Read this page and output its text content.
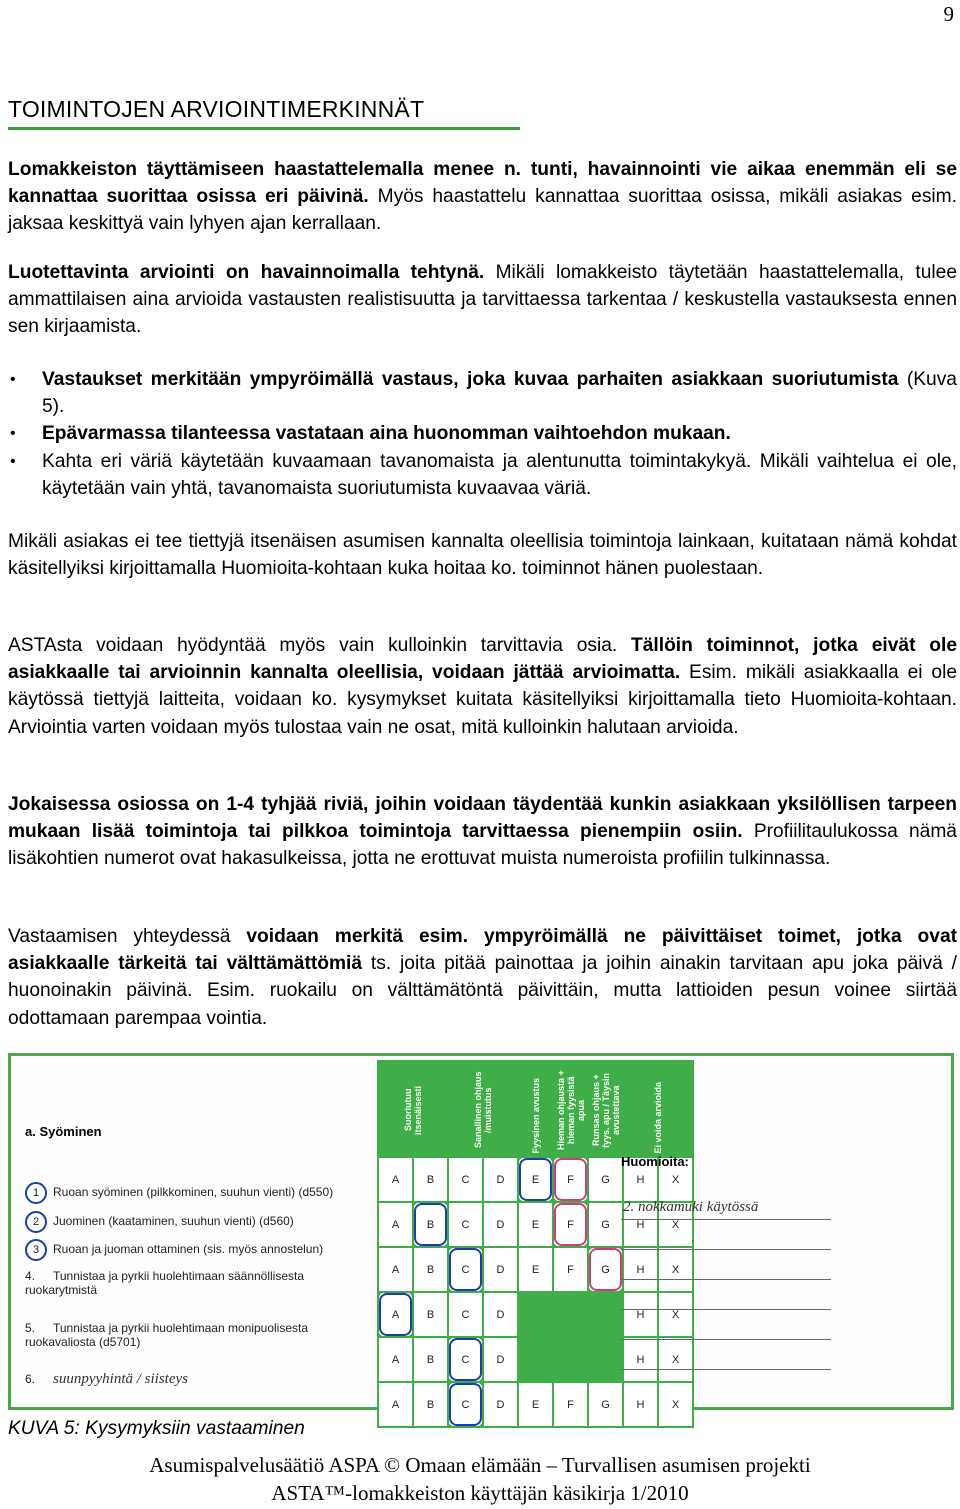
9
TOIMINTOJEN ARVIOINTIMERKINNÄT

Lomakkeiston täyttämiseen haastattelemalla menee n. tunti, havainnointi vie aikaa enemmän eli se kannattaa suorittaa osissa eri päivinä. Myös haastattelu kannattaa suorittaa osissa, mikäli asiakas esim. jaksaa keskittyä vain lyhyen ajan kerrallaan.

Luotettavinta arviointi on havainnoimalla tehtynä. Mikäli lomakkeisto täytetään haastattelemalla, tulee ammattilaisen aina arvioida vastausten realistisuutta ja tarvittaessa tarkentaa / keskustella vastauksesta ennen sen kirjaamista.

• Vastaukset merkitään ympyröimällä vastaus, joka kuvaa parhaiten asiakkaan suoriutumista (Kuva 5).
• Epävarmassa tilanteessa vastataan aina huonomman vaihtoehdon mukaan.
• Kahta eri väriä käytetään kuvaamaan tavanomaista ja alentunutta toimintakykyä. Mikäli vaihtelua ei ole, käytetään vain yhtä, tavanomaista suoriutumista kuvaavaa väriä.

Mikäli asiakas ei tee tiettyjä itsenäisen asumisen kannalta oleellisia toimintoja lainkaan, kuitataan nämä kohdat käsitellyiksi kirjoittamalla Huomioita-kohtaan kuka hoitaa ko. toiminnot hänen puolestaan.

ASTAsta voidaan hyödyntää myös vain kulloinkin tarvittavia osia. Tällöin toiminnot, jotka eivät ole asiakkaalle tai arvioinnin kannalta oleellisia, voidaan jättää arvioimatta. Esim. mikäli asiakkaalla ei ole käytössä tiettyjä laitteita, voidaan ko. kysymykset kuitata käsitellyiksi kirjoittamalla tieto Huomioita-kohtaan. Arviointia varten voidaan myös tulostaa vain ne osat, mitä kulloinkin halutaan arvioida.

Jokaisessa osiossa on 1-4 tyhjää riviä, joihin voidaan täydentää kunkin asiakkaan yksilöllisen tarpeen mukaan lisää toimintoja tai pilkkoa toimintoja tarvittaessa pienempiin osiin. Profiilitaulukossa nämä lisäkohtien numerot ovat hakasulkeissa, jotta ne erottuvat muista numeroista profiilin tulkinnassa.

Vastaamisen yhteydessä voidaan merkitä esim. ympyröimällä ne päivittäiset toimet, jotka ovat asiakkaalle tärkeitä tai välttämättömiä ts. joita pitää painottaa ja joihin ainakin tarvitaan apu joka päivä / huonoinakin päivinä. Esim. ruokailu on välttämätöntä päivittäin, mutta lattioiden pesun voinee siirtää odottamaan parempaa vointia.

a. Syöminen
1 Ruoan syöminen (pilkkominen, suuhun vienti) (d550)
2 Juominen (kaataminen, suuhun vienti) (d560)
3 Ruoan ja juoman ottaminen (sis. myös annostelun)
4. Tunnistaa ja pyrkii huolehtimaan säännöllisesta ruokarytmistä
5. Tunnistaa ja pyrkii huolehtimaan monipuolisesta ruokavaliosta (d5701)
6. suunpyyhintä / siisteys
Suoriutuu itsenäisesti		Sanallinen ohjaus /muistutus		Fyysinen avustus	Hieman ohjausta + hieman fyysistä apua	Runsas ohjaus + fyys. apu / Täysin avustettava	Ei voida arvioida	
A	B	C	D	E	F	G	H	X
A	B	C	D	E	F	G	H	X
A	B	C	D	E	F	G	H	X
A	B	C	D				H	X
A	B	C	D				H	X
A	B	C	D	E	F	G	H	X
Huomioita:
2. nokkamuki käytössä
KUVA 5: Kysymyksiin vastaaminen
Asumispalvelusäätiö ASPA © Omaan elämään – Turvallisen asumisen projekti
ASTA™-lomakkeiston käyttäjän käsikirja 1/2010
